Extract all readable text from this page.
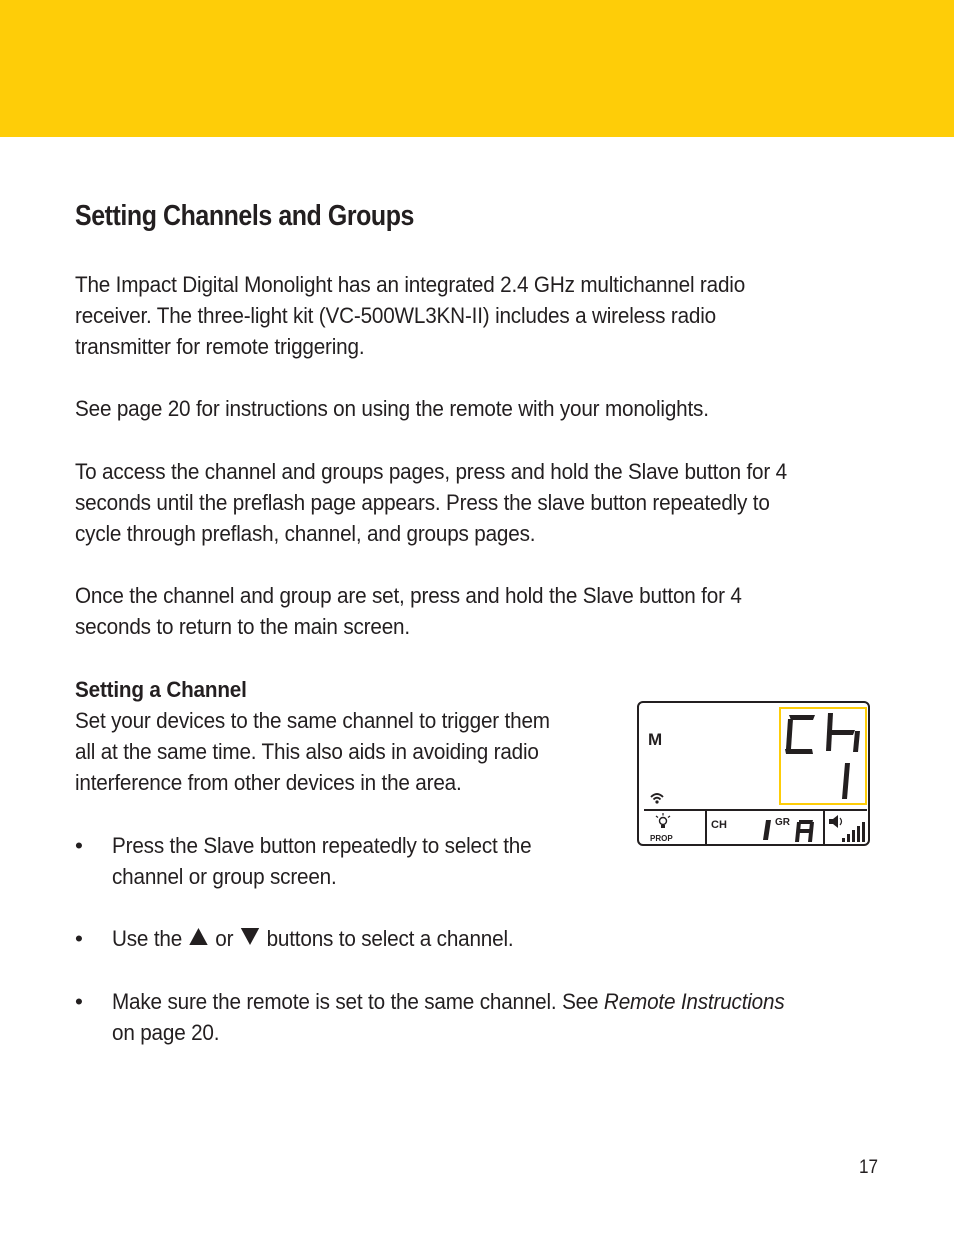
Setting Channels and Groups
The Impact Digital Monolight has an integrated 2.4 GHz multichannel radio
receiver. The three-light kit (VC-500WL3KN-II) includes a wireless radio
transmitter for remote triggering.
See page 20 for instructions on using the remote with your monolights.
To access the channel and groups pages, press and hold the Slave button for 4
seconds until the preflash page appears. Press the slave button repeatedly to
cycle through preflash, channel, and groups pages.
Once the channel and group are set, press and hold the Slave button for 4
seconds to return to the main screen.
Setting a Channel
Set your devices to the same channel to trigger them
all at the same time. This also aids in avoiding radio
interference from other devices in the area.
• Press the Slave button repeatedly to select the
channel or group screen.
• Use the or buttons to select a channel.
• Make sure the remote is set to the same channel. See Remote Instructions
on page 20.
M
PROP
CH	GR
17
